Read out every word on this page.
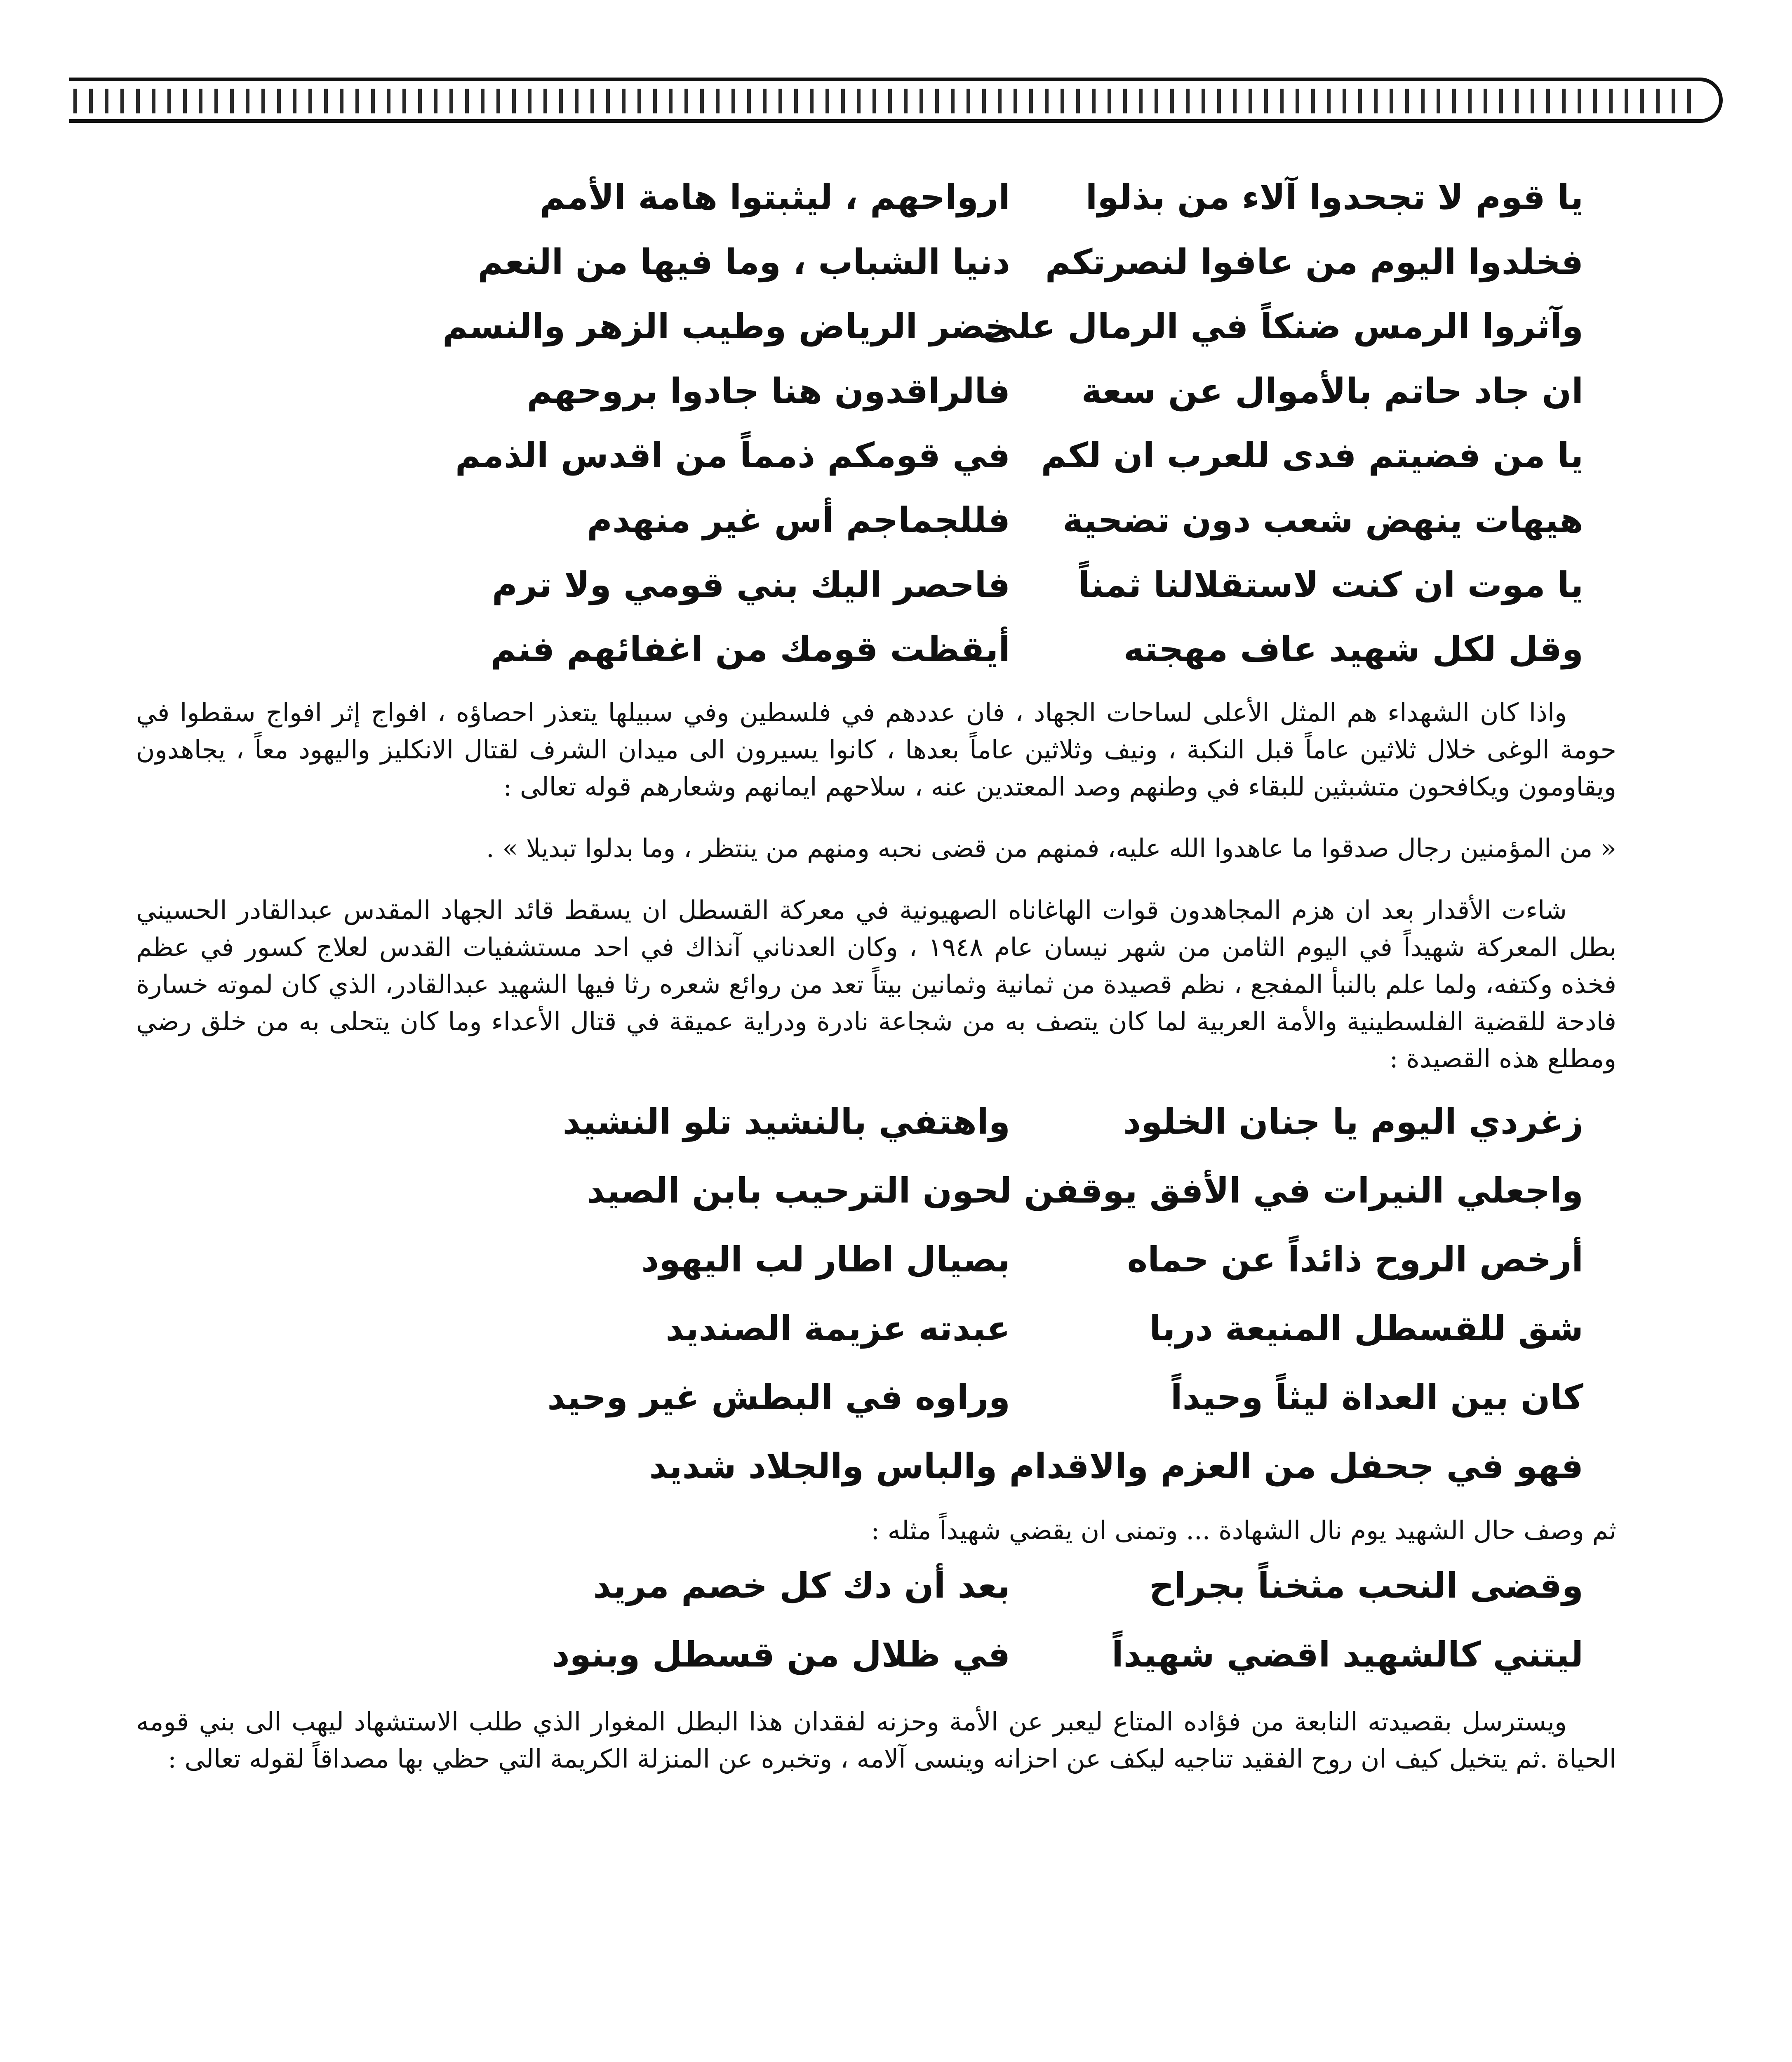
يا قوم لا تجحدوا آلاء من بذلوا
ارواحهم ، ليثبتوا هامة الأمم
فخلدوا اليوم من عافوا لنصرتكم
دنيا الشباب ، وما فيها من النعم
وآثروا الرمس ضنكاً في الرمال على
خضر الرياض وطيب الزهر والنسم
ان جاد حاتم بالأموال عن سعة
فالراقدون هنا جادوا بروحهم
يا من فضيتم فدى للعرب ان لكم
في قومكم ذمماً من اقدس الذمم
هيهات ينهض شعب دون تضحية
فللجماجم أس غير منهدم
يا موت ان كنت لاستقلالنا ثمناً
فاحصر اليك بني قومي ولا ترم
وقل لكل شهيد عاف مهجته
أيقظت قومك من اغفائهم فنم

واذا كان الشهداء هم المثل الأعلى لساحات الجهاد ، فان عددهم في فلسطين وفي سبيلها يتعذر احصاؤه ، افواج إثر افواج سقطوا في حومة الوغى خلال ثلاثين عاماً قبل النكبة ، ونيف وثلاثين عاماً بعدها ، كانوا يسيرون الى ميدان الشرف لقتال الانكليز واليهود معاً ، يجاهدون ويقاومون ويكافحون متشبثين للبقاء في وطنهم وصد المعتدين عنه ، سلاحهم ايمانهم وشعارهم قوله تعالى :

« من المؤمنين رجال صدقوا ما عاهدوا الله عليه، فمنهم من قضى نحبه ومنهم من ينتظر ، وما بدلوا تبديلا » .

شاءت الأقدار بعد ان هزم المجاهدون قوات الهاغاناه الصهيونية في معركة القسطل ان يسقط قائد الجهاد المقدس عبدالقادر الحسيني بطل المعركة شهيداً في اليوم الثامن من شهر نيسان عام ١٩٤٨ ، وكان العدناني آنذاك في احد مستشفيات القدس لعلاج كسور في عظم فخذه وكتفه، ولما علم بالنبأ المفجع ، نظم قصيدة من ثمانية وثمانين بيتاً تعد من روائع شعره رثا فيها الشهيد عبدالقادر، الذي كان لموته خسارة فادحة للقضية الفلسطينية والأمة العربية لما كان يتصف به من شجاعة نادرة ودراية عميقة في قتال الأعداء وما كان يتحلى به من خلق رضي ومطلع هذه القصيدة :

زغردي اليوم يا جنان الخلود
واهتفي بالنشيد تلو النشيد
واجعلي النيرات في الأفق يوقفن لحون الترحيب بابن الصيد
أرخص الروح ذائداً عن حماه
بصيال اطار لب اليهود
شق للقسطل المنيعة دربا
عبدته عزيمة الصنديد
كان بين العداة ليثاً وحيداً
وراوه في البطش غير وحيد
فهو في جحفل من العزم والاقدام والباس والجلاد شديد

ثم وصف حال الشهيد يوم نال الشهادة ... وتمنى ان يقضي شهيداً مثله :

وقضى النحب مثخناً بجراح
بعد أن دك كل خصم مريد
ليتني كالشهيد اقضي شهيداً
في ظلال من قسطل وبنود

ويسترسل بقصيدته النابعة من فؤاده المتاع ليعبر عن الأمة وحزنه لفقدان هذا البطل المغوار الذي طلب الاستشهاد ليهب الى بني قومه الحياة .ثم يتخيل كيف ان روح الفقيد تناجيه ليكف عن احزانه وينسى آلامه ، وتخبره عن المنزلة الكريمة التي حظي بها مصداقاً لقوله تعالى :
